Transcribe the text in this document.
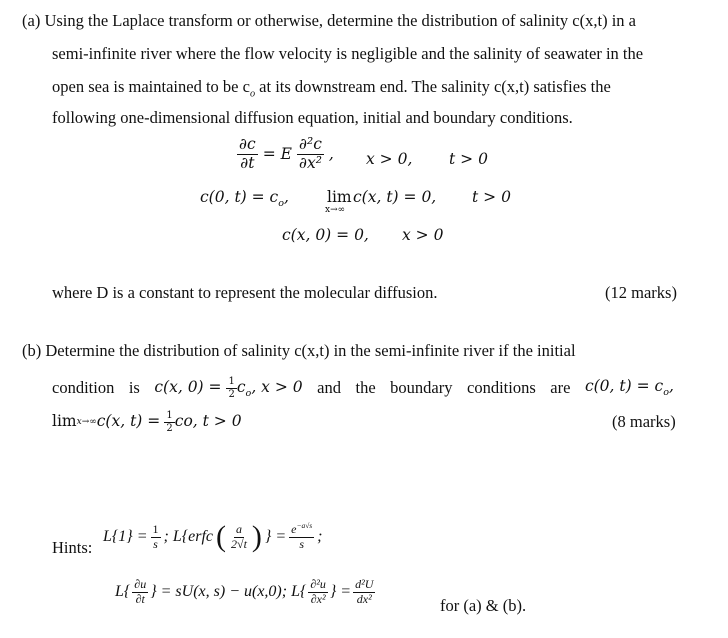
(a) Using the Laplace transform or otherwise, determine the distribution of salinity c(x,t) in a
semi-infinite river where the flow velocity is negligible and the salinity of seawater in the
open sea is maintained to be $c_o$ at its downstream end. The salinity c(x,t) satisfies the
following one-dimensional diffusion equation, initial and boundary conditions.
$\frac{\partial c}{\partial t} = E \frac{\text{∂²c}}{\text{∂x²}}$ , x > 0, t > 0
c(0, $t) = c_o$, lim
x→∞
c(x, t) = 0, t > 0
c(x, 0) = 0, x > 0
where D is a constant to represent the molecular diffusion.	(12 marks)
(b) Determine the distribution of salinity c(x,t) in the semi-infinite river if the initial
condition is c(x, $0) = \frac{1}{2} c_o$, x > 0 and the boundary conditions are c(0, $t) = c_o$,
lim x→∞ c(x, t) =
$\frac{1}{2}$ c o , t > 0	(8 marks)
Hints:
$L\{1\} = \frac{1}{s}$ ; L{erfc ( $\frac{a}{2√t}$ ) } = $\frac{e^{-a√s}}{s}$ ;
$L\{ \frac{\partial u}{\partial t}$ } = sU(x, s) − u(x,0); $L\{ \frac{\text{∂²u}}{\text{∂x²}}$ } = $\frac{\text{d²U}}{\text{dx²}}$	for (a) & (b).
